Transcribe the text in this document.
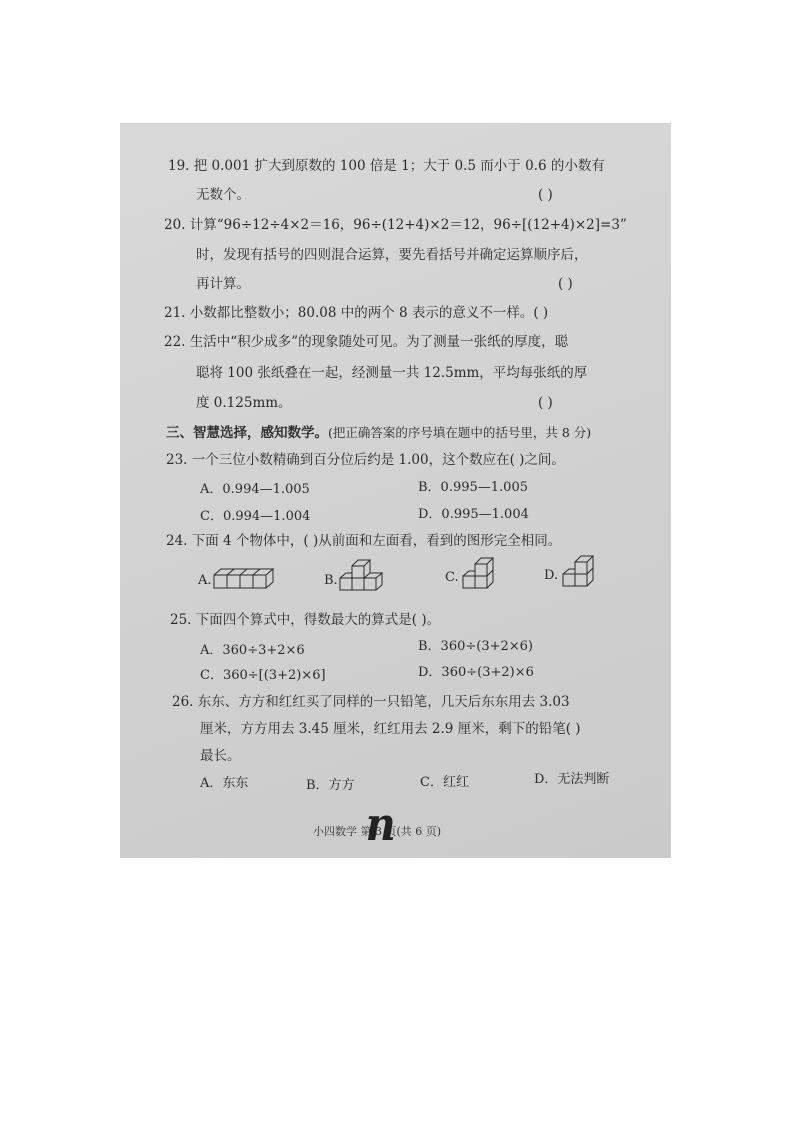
19. 把 0.001 扩大到原数的 100 倍是 1；大于 0.5 而小于 0.6 的小数有
无数个。	( )
20. 计算“96÷12÷4×2＝16，96÷(12+4)×2＝12，96÷[(12+4)×2]=3”
时，发现有括号的四则混合运算，要先看括号并确定运算顺序后，
再计算。	( )
21. 小数都比整数小；80.08 中的两个 8 表示的意义不一样。( )
22. 生活中“积少成多”的现象随处可见。为了测量一张纸的厚度，聪
聪将 100 张纸叠在一起，经测量一共 12.5mm，平均每张纸的厚
度 0.125mm。	( )
三、智慧选择，感知数学。(把正确答案的序号填在题中的括号里，共 8 分)
23. 一个三位小数精确到百分位后约是 1.00，这个数应在( )之间。
A．0.994—1.005	B．0.995—1.005
C．0.994—1.004	D．0.995—1.004
24. 下面 4 个物体中，( )从前面和左面看，看到的图形完全相同。
A.	B.	C.	D.
25. 下面四个算式中，得数最大的算式是( )。
A．360÷3+2×6	B．360÷(3+2×6)
C．360÷[(3+2)×6]	D．360÷(3+2)×6
26. 东东、方方和红红买了同样的一只铅笔，几天后东东用去 3.03
厘米，方方用去 3.45 厘米，红红用去 2.9 厘米，剩下的铅笔( )
最长。
A．东东	B．方方	C．红红	D．无法判断
小四数学 第 3 页(共 6 页)
n
